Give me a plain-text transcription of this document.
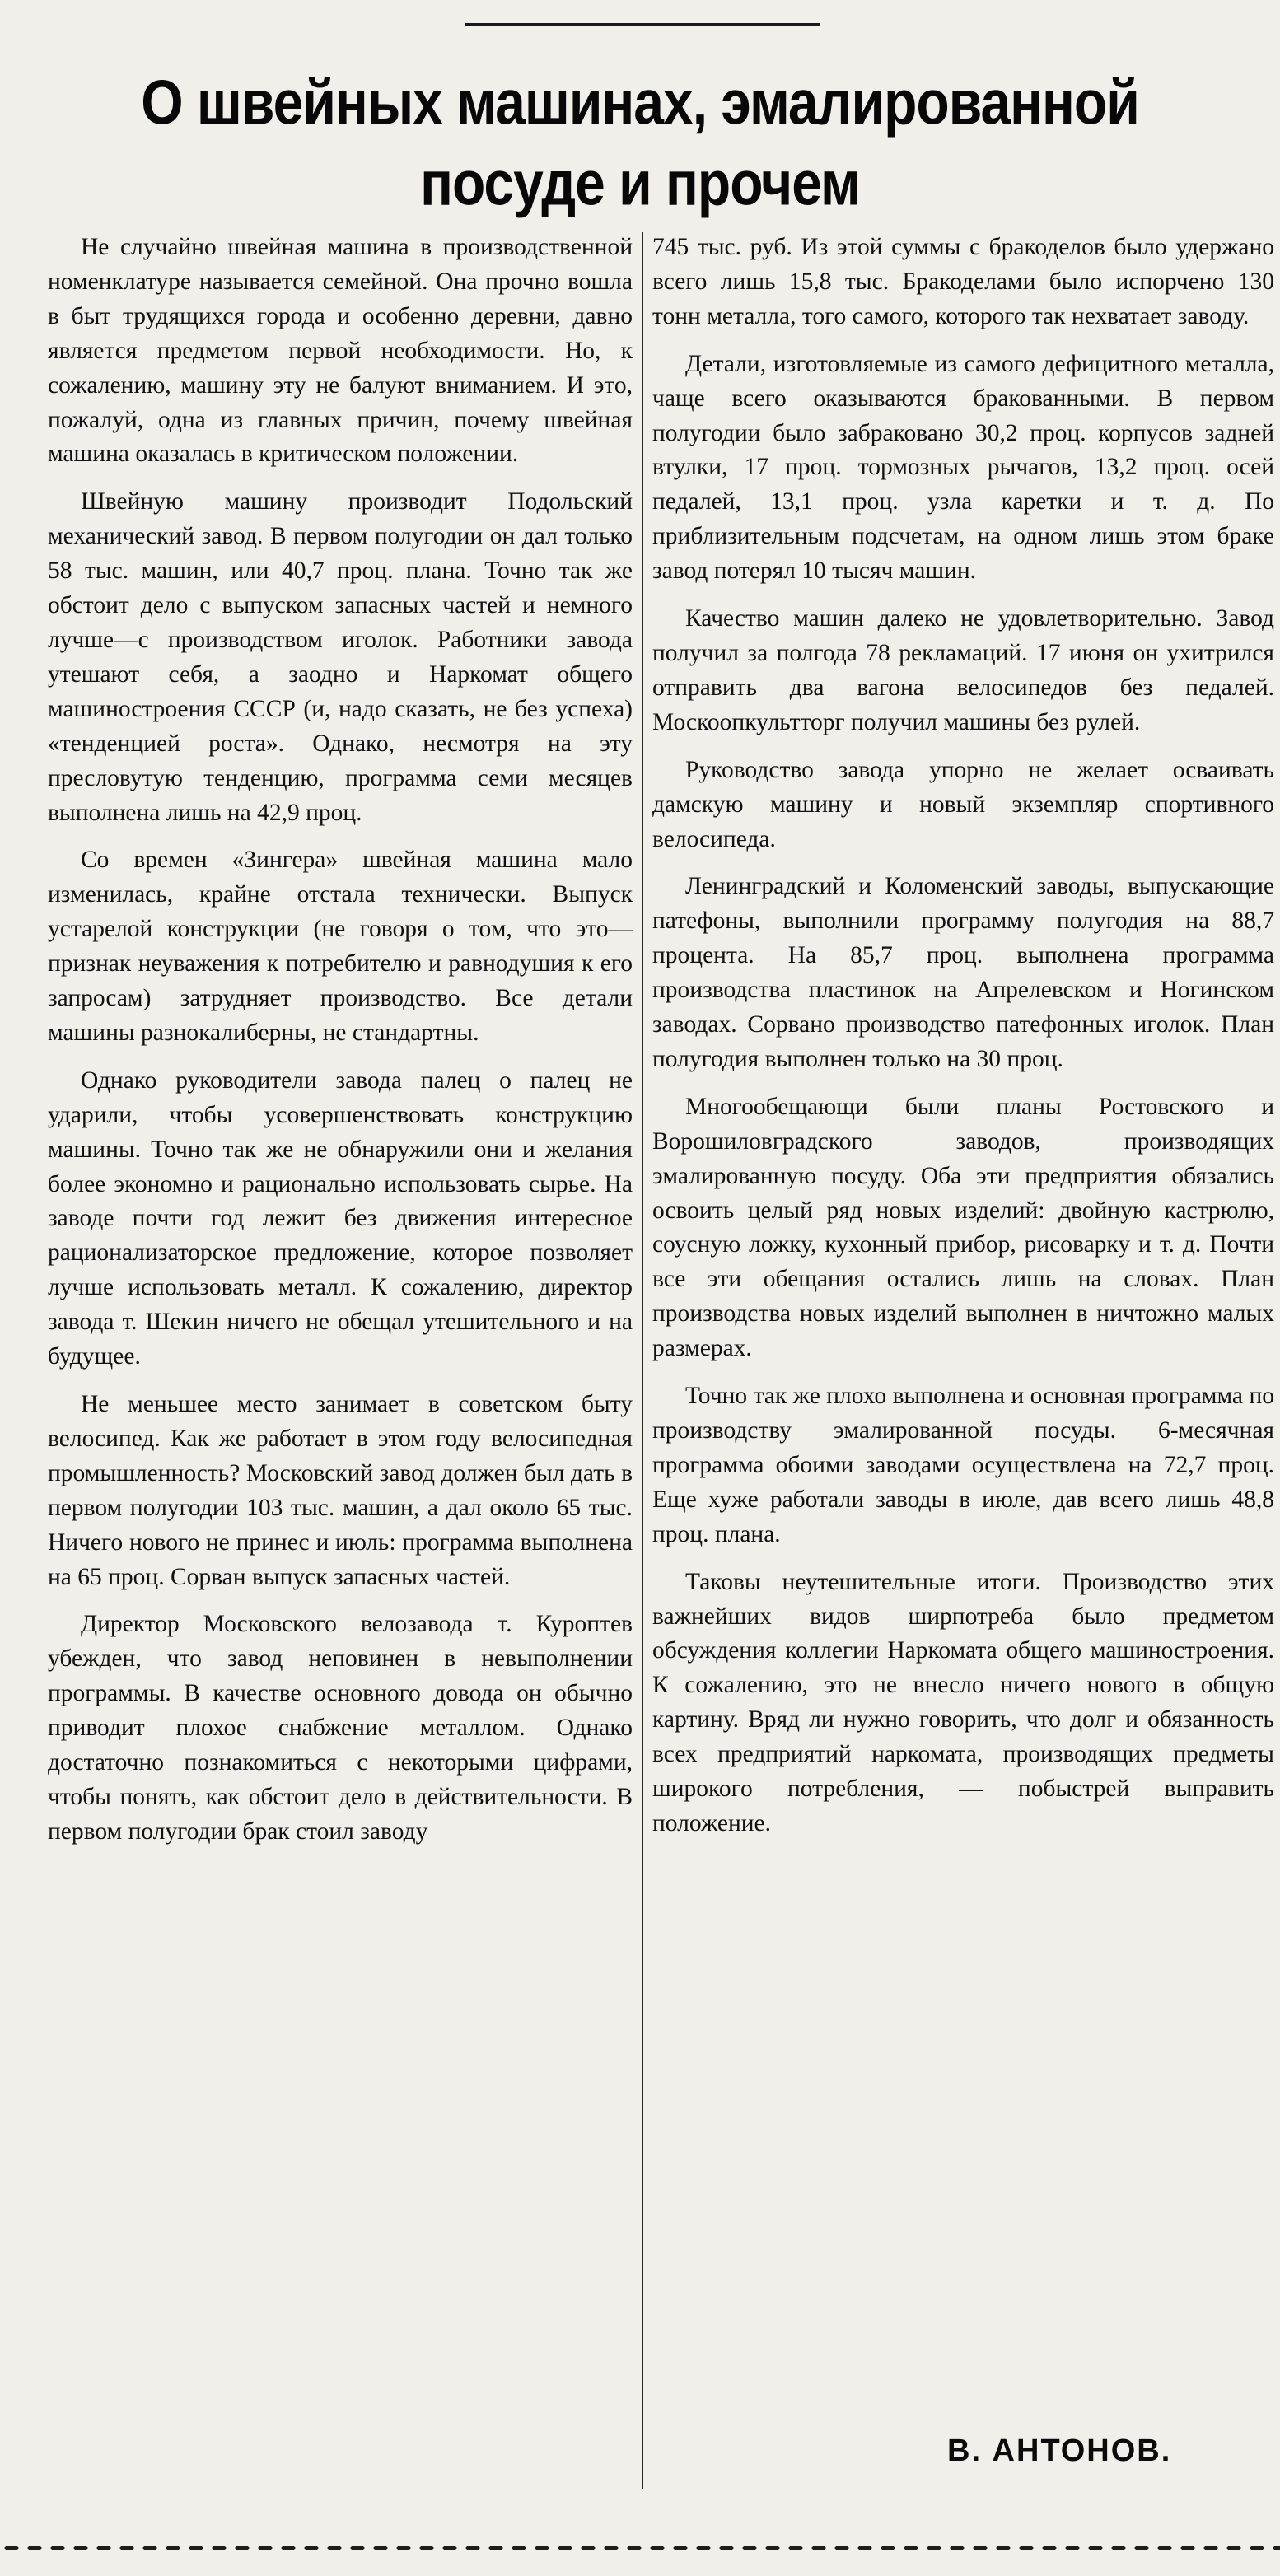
О швейных машинах, эмалированной
посуде и прочем

Не случайно швейная машина в производственной номенклатуре называется семейной. Она прочно вошла в быт трудящихся города и особенно деревни, давно является предметом первой необходимости. Но, к сожалению, машину эту не балуют вниманием. И это, пожалуй, одна из главных причин, почему швейная машина оказалась в критическом положении.

Швейную машину производит Подольский механический завод. В первом полугодии он дал только 58 тыс. машин, или 40,7 проц. плана. Точно так же обстоит дело с выпуском запасных частей и немного лучше—с производством иголок. Работники завода утешают себя, а заодно и Наркомат общего машиностроения СССР (и, надо сказать, не без успеха) «тенденцией роста». Однако, несмотря на эту пресловутую тенденцию, программа семи месяцев выполнена лишь на 42,9 проц.

Со времен «Зингера» швейная машина мало изменилась, крайне отстала технически. Выпуск устарелой конструкции (не говоря о том, что это—признак неуважения к потребителю и равнодушия к его запросам) затрудняет производство. Все детали машины разнокалиберны, не стандартны.

Однако руководители завода палец о палец не ударили, чтобы усовершенствовать конструкцию машины. Точно так же не обнаружили они и желания более экономно и рационально использовать сырье. На заводе почти год лежит без движения интересное рационализаторское предложение, которое позволяет лучше использовать металл. К сожалению, директор завода т. Шекин ничего не обещал утешительного и на будущее.

Не меньшее место занимает в советском быту велосипед. Как же работает в этом году велосипедная промышленность? Московский завод должен был дать в первом полугодии 103 тыс. машин, а дал около 65 тыс. Ничего нового не принес и июль: программа выполнена на 65 проц. Сорван выпуск запасных частей.

Директор Московского велозавода т. Куроптев убежден, что завод неповинен в невыполнении программы. В качестве основного довода он обычно приводит плохое снабжение металлом. Однако достаточно познакомиться с некоторыми цифрами, чтобы понять, как обстоит дело в действительности. В первом полугодии брак стоил заводу

745 тыс. руб. Из этой суммы с бракоделов было удержано всего лишь 15,8 тыс. Бракоделами было испорчено 130 тонн металла, того самого, которого так нехватает заводу.

Детали, изготовляемые из самого дефицитного металла, чаще всего оказываются бракованными. В первом полугодии было забраковано 30,2 проц. корпусов задней втулки, 17 проц. тормозных рычагов, 13,2 проц. осей педалей, 13,1 проц. узла каретки и т. д. По приблизительным подсчетам, на одном лишь этом браке завод потерял 10 тысяч машин.

Качество машин далеко не удовлетворительно. Завод получил за полгода 78 рекламаций. 17 июня он ухитрился отправить два вагона велосипедов без педалей. Москоопкультторг получил машины без рулей.

Руководство завода упорно не желает осваивать дамскую машину и новый экземпляр спортивного велосипеда.

Ленинградский и Коломенский заводы, выпускающие патефоны, выполнили программу полугодия на 88,7 процента. На 85,7 проц. выполнена программа производства пластинок на Апрелевском и Ногинском заводах. Сорвано производство патефонных иголок. План полугодия выполнен только на 30 проц.

Многообещающи были планы Ростовского и Ворошиловградского заводов, производящих эмалированную посуду. Оба эти предприятия обязались освоить целый ряд новых изделий: двойную кастрюлю, соусную ложку, кухонный прибор, рисоварку и т. д. Почти все эти обещания остались лишь на словах. План производства новых изделий выполнен в ничтожно малых размерах.

Точно так же плохо выполнена и основная программа по производству эмалированной посуды. 6-месячная программа обоими заводами осуществлена на 72,7 проц. Еще хуже работали заводы в июле, дав всего лишь 48,8 проц. плана.

Таковы неутешительные итоги. Производство этих важнейших видов ширпотреба было предметом обсуждения коллегии Наркомата общего машиностроения. К сожалению, это не внесло ничего нового в общую картину. Вряд ли нужно говорить, что долг и обязанность всех предприятий наркомата, производящих предметы широкого потребления, — побыстрей выправить положение.

В. АНТОНОВ.
